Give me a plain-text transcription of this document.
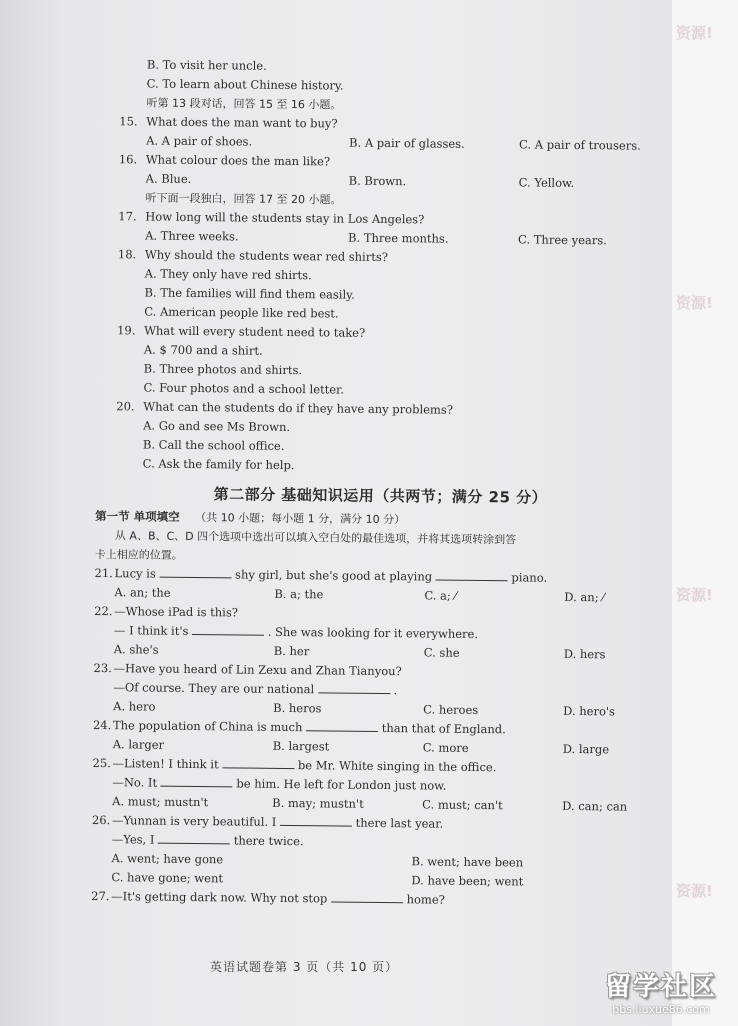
B. To visit her uncle.
C. To learn about Chinese history.
听第 13 段对话，回答 15 至 16 小题。
15. What does the man want to buy?
A. A pair of shoes.	B. A pair of glasses.	C. A pair of trousers.
16. What colour does the man like?
A. Blue.	B. Brown.	C. Yellow.
听下面一段独白，回答 17 至 20 小题。
17. How long will the students stay in Los Angeles?
A. Three weeks.	B. Three months.	C. Three years.
18. Why should the students wear red shirts?
A. They only have red shirts.
B. The families will find them easily.
C. American people like red best.
19. What will every student need to take?
A. $ 700 and a shirt.
B. Three photos and shirts.
C. Four photos and a school letter.
20. What can the students do if they have any problems?
A. Go and see Ms Brown.
B. Call the school office.
C. Ask the family for help.
第二部分 基础知识运用（共两节；满分 25 分）
第一节 单项填空 （共 10 小题；每小题 1 分，满分 10 分）
从 A、B、C、D 四个选项中选出可以填入空白处的最佳选项，并将其选项转涂到答
卡上相应的位置。
21. Lucy is	shy girl, but she's good at playing	piano.
A. an; the	B. a; the	C. a; ⁄	D. an; ⁄
22. —Whose iPad is this?
— I think it's	. She was looking for it everywhere.
A. she's	B. her	C. she	D. hers
23. —Have you heard of Lin Zexu and Zhan Tianyou?
—Of course. They are our national	.
A. hero	B. heros	C. heroes	D. hero's
24. The population of China is much	than that of England.
A. larger	B. largest	C. more	D. large
25. —Listen! I think it	be Mr. White singing in the office.
—No. It	be him. He left for London just now.
A. must; mustn't	B. may; mustn't	C. must; can't	D. can; can
26. —Yunnan is very beautiful. I	there last year.
—Yes, I	there twice.
A. went; have gone	B. went; have been
C. have gone; went	D. have been; went
27. —It's getting dark now. Why not stop	home?
英语试题卷第 3 页（共 10 页）
资源!
资源!
资源!
资源!
留学社区
bbs.liuxue86.com
